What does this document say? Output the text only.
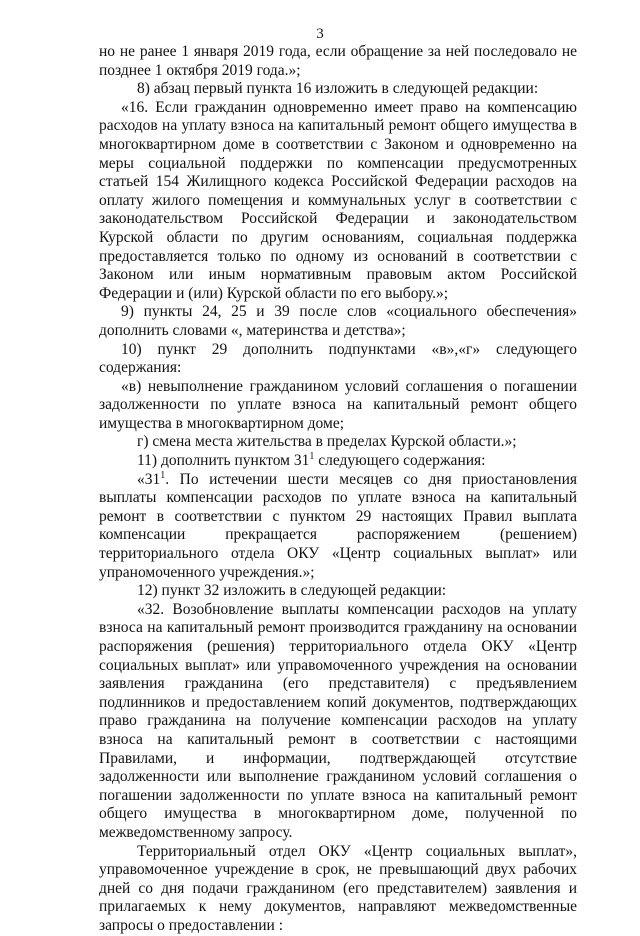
3

но не ранее 1 января 2019 года, если обращение за ней последовало не позднее 1 октября 2019 года.»;

8) абзац первый пункта 16 изложить в следующей редакции:

«16. Если гражданин одновременно имеет право на компенсацию расходов на уплату взноса на капитальный ремонт общего имущества в многоквартирном доме в соответствии с Законом и одновременно на меры социальной поддержки по компенсации предусмотренных статьей 154 Жилищного кодекса Российской Федерации расходов на оплату жилого помещения и коммунальных услуг в соответствии с законодательством Российской Федерации и законодательством Курской области по другим основаниям, социальная поддержка предоставляется только по одному из оснований в соответствии с Законом или иным нормативным правовым актом Российской Федерации и (или) Курской области по его выбору.»;

9) пункты 24, 25 и 39 после слов «социального обеспечения» дополнить словами «, материнства и детства»;

10) пункт 29 дополнить подпунктами «в»,«г» следующего содержания:

«в) невыполнение гражданином условий соглашения о погашении задолженности по уплате взноса на капитальный ремонт общего имущества в многоквартирном доме;

г) смена места жительства в пределах Курской области.»;

11) дополнить пунктом $31^1$ следующего содержания:

«$31^1$. По истечении шести месяцев со дня приостановления выплаты компенсации расходов по уплате взноса на капитальный ремонт в соответствии с пунктом 29 настоящих Правил выплата компенсации прекращается распоряжением (решением) территориального отдела ОКУ «Центр социальных выплат» или упраномоченного учреждения.»;

12) пункт 32 изложить в следующей редакции:

«32. Возобновление выплаты компенсации расходов на уплату взноса на капитальный ремонт производится гражданину на основании распоряжения (решения) территориального отдела ОКУ «Центр социальных выплат» или управомоченного учреждения на основании заявления гражданина (его представителя) с предъявлением подлинников и предоставлением копий документов, подтверждающих право гражданина на получение компенсации расходов на уплату взноса на капитальный ремонт в соответствии с настоящими Правилами, и информации, подтверждающей отсутствие задолженности или выполнение гражданином условий соглашения о погашении задолженности по уплате взноса на капитальный ремонт общего имущества в многоквартирном доме, полученной по межведомственному запросу.

Территориальный отдел ОКУ «Центр социальных выплат», управомоченное учреждение в срок, не превышающий двух рабочих дней со дня подачи гражданином (его представителем) заявления и прилагаемых к нему документов, направляют межведомственные запросы о предоставлении :
